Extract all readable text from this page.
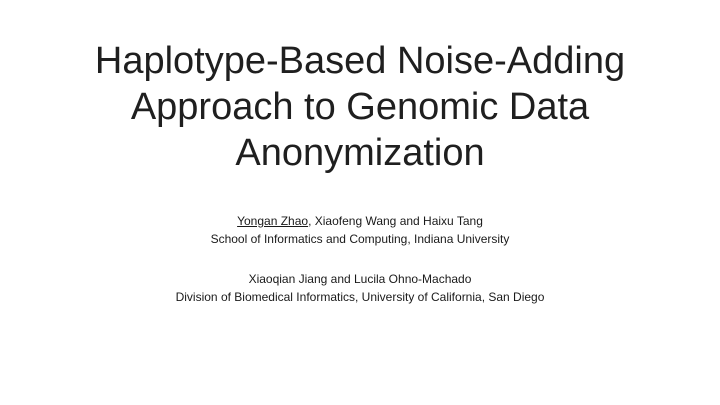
Haplotype-Based Noise-Adding
Approach to Genomic Data
Anonymization

Yongan Zhao, Xiaofeng Wang and Haixu Tang

School of Informatics and Computing, Indiana University

Xiaoqian Jiang and Lucila Ohno-Machado

Division of Biomedical Informatics, University of California, San Diego
